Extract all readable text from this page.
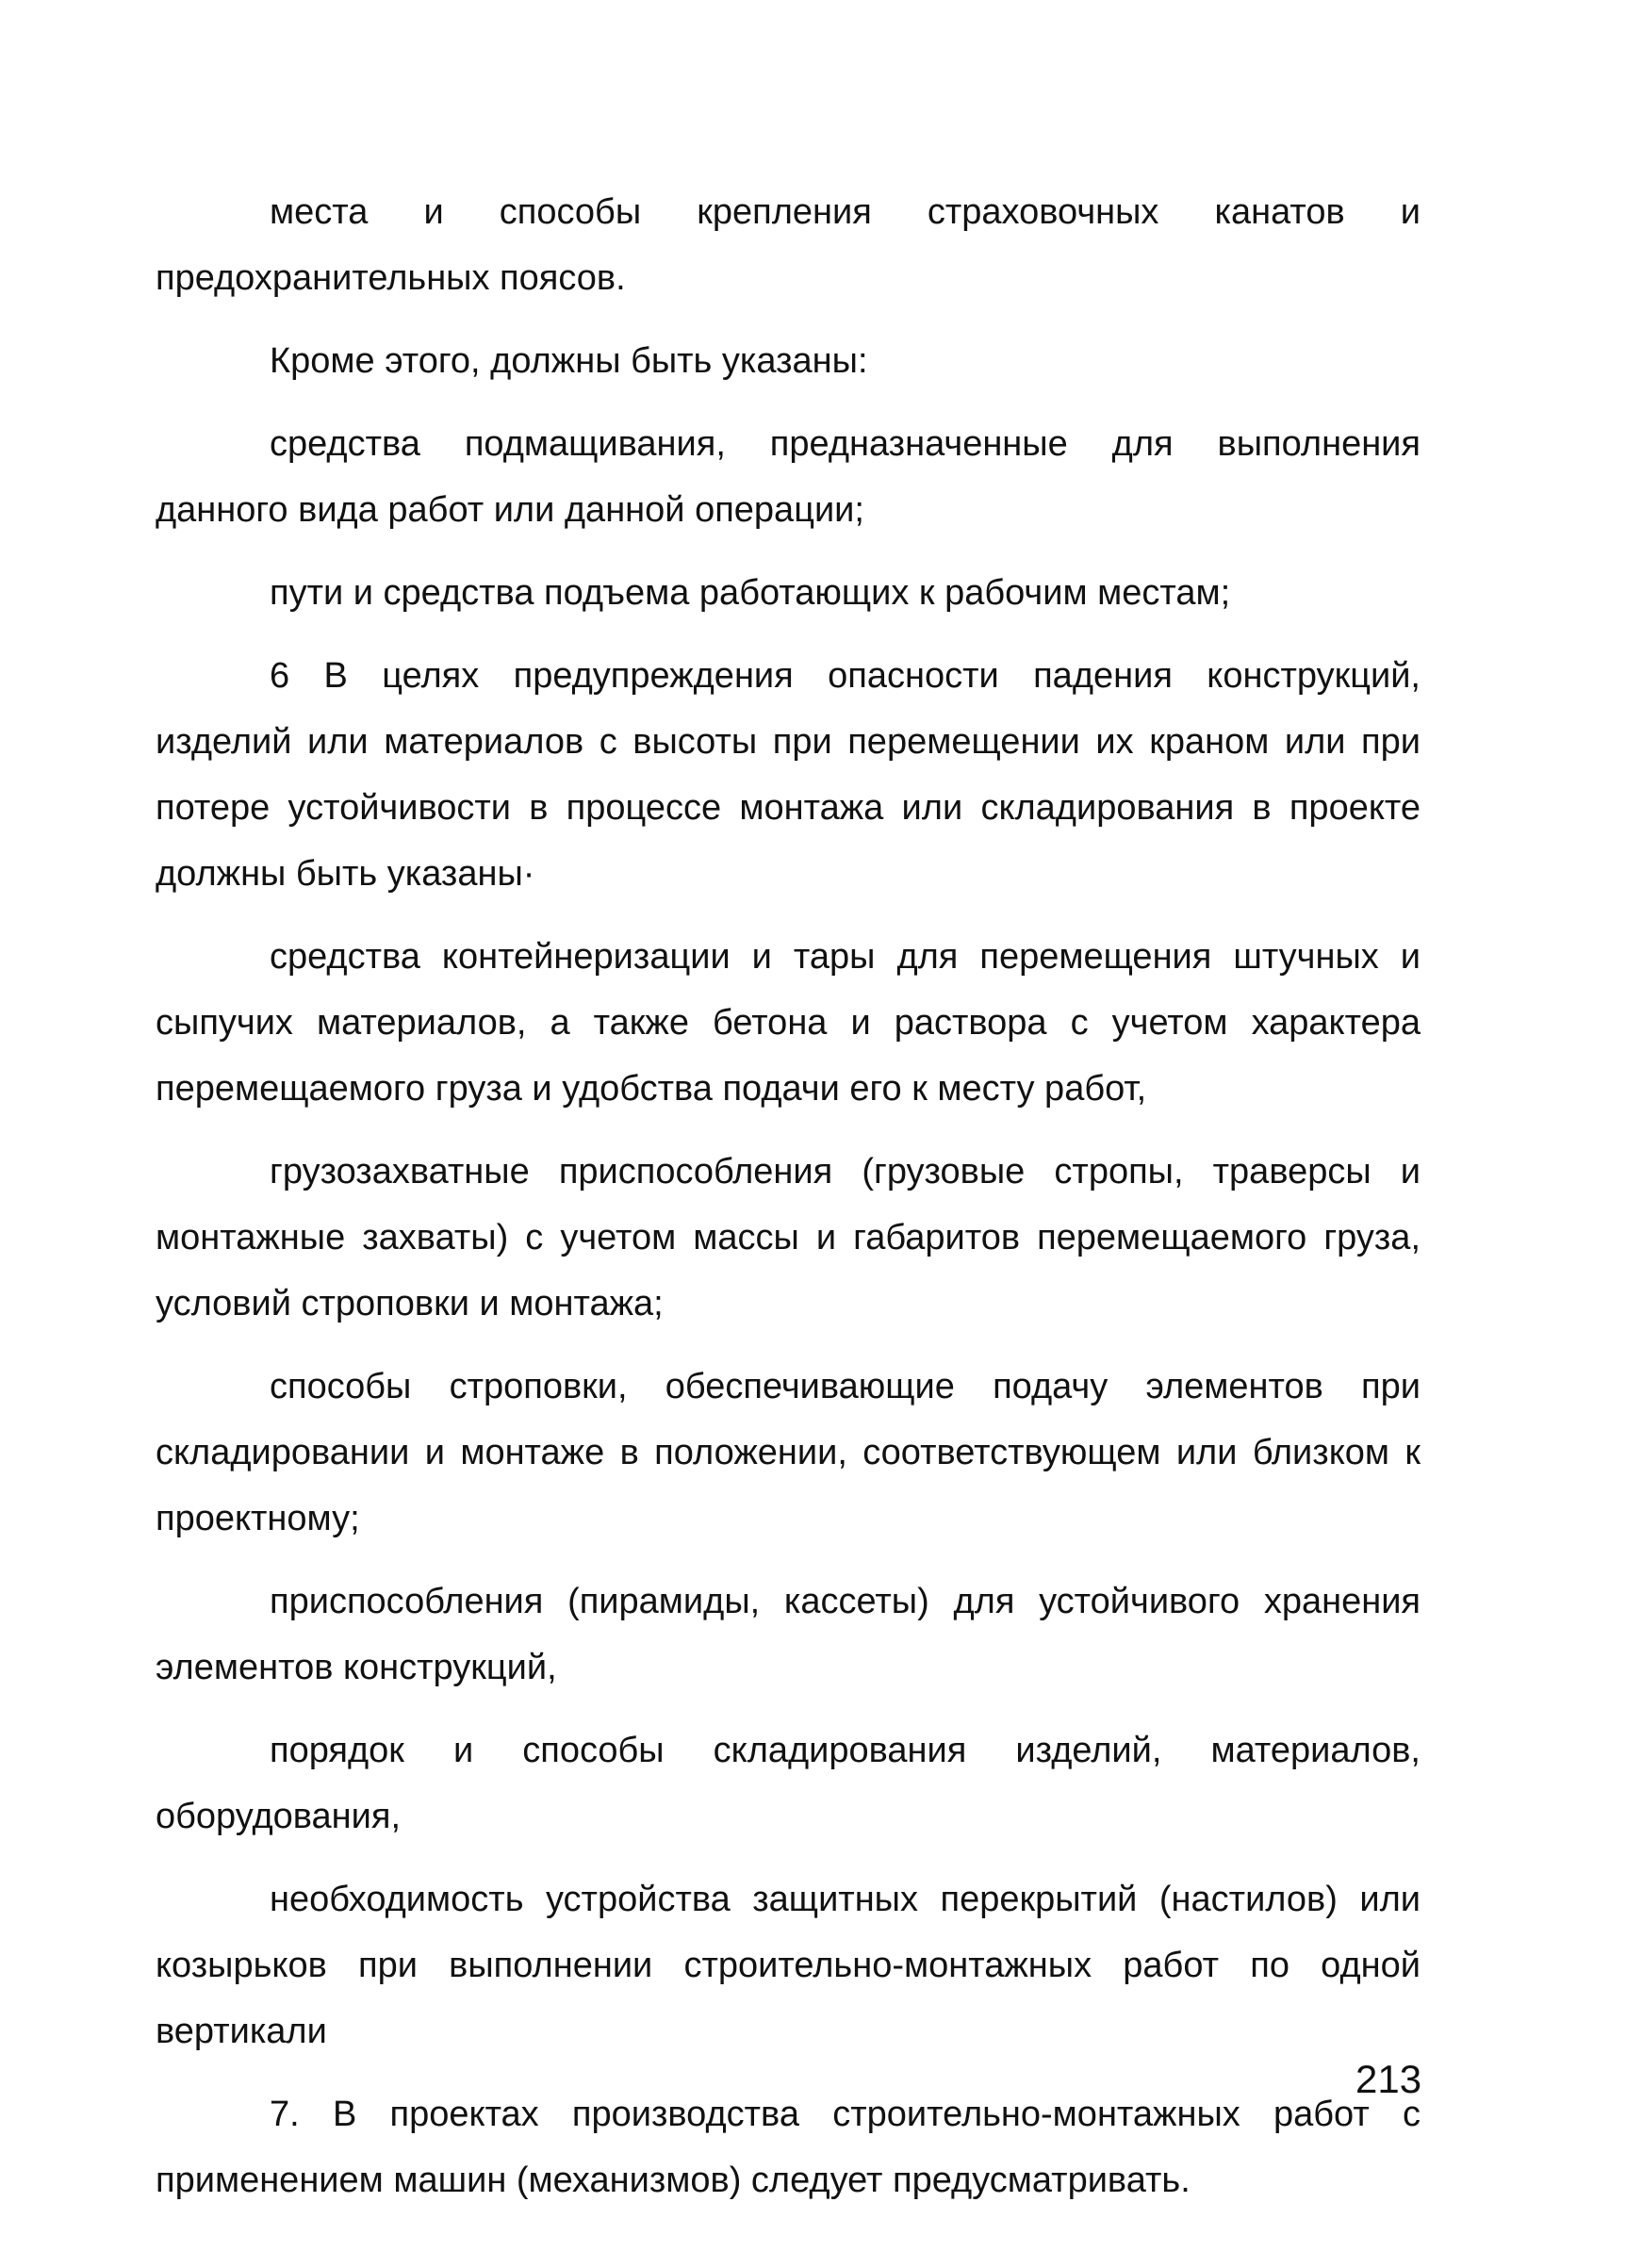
места и способы крепления страховочных канатов и предохранительных поясов.

Кроме этого, должны быть указаны:

средства подмащивания, предназначенные для выполнения данного вида работ или данной операции;

пути и средства подъема работающих к рабочим местам;

6 В целях предупреждения опасности падения конструкций, изделий или материалов с высоты при перемещении их краном или при потере устойчивости в процессе монтажа или складирования в проекте должны быть указаны·

средства контейнеризации и тары для перемещения штучных и сыпучих материалов, а также бетона и раствора с учетом характера перемещаемого груза и удобства подачи его к месту работ,

грузозахватные приспособления (грузовые стропы, траверсы и монтажные захваты) с учетом массы и габаритов перемещаемого груза, условий строповки и монтажа;

способы строповки, обеспечивающие подачу элементов при складировании и монтаже в положении, соответствующем или близком к проектному;

приспособления (пирамиды, кассеты) для устойчивого хранения элементов конструкций,

порядок и способы складирования изделий, материалов, оборудования,

необходимость устройства защитных перекрытий (настилов) или козырьков при выполнении строительно-монтажных работ по одной вертикали

7. В проектах производства строительно-монтажных работ с применением машин (механизмов) следует предусматривать.

213
